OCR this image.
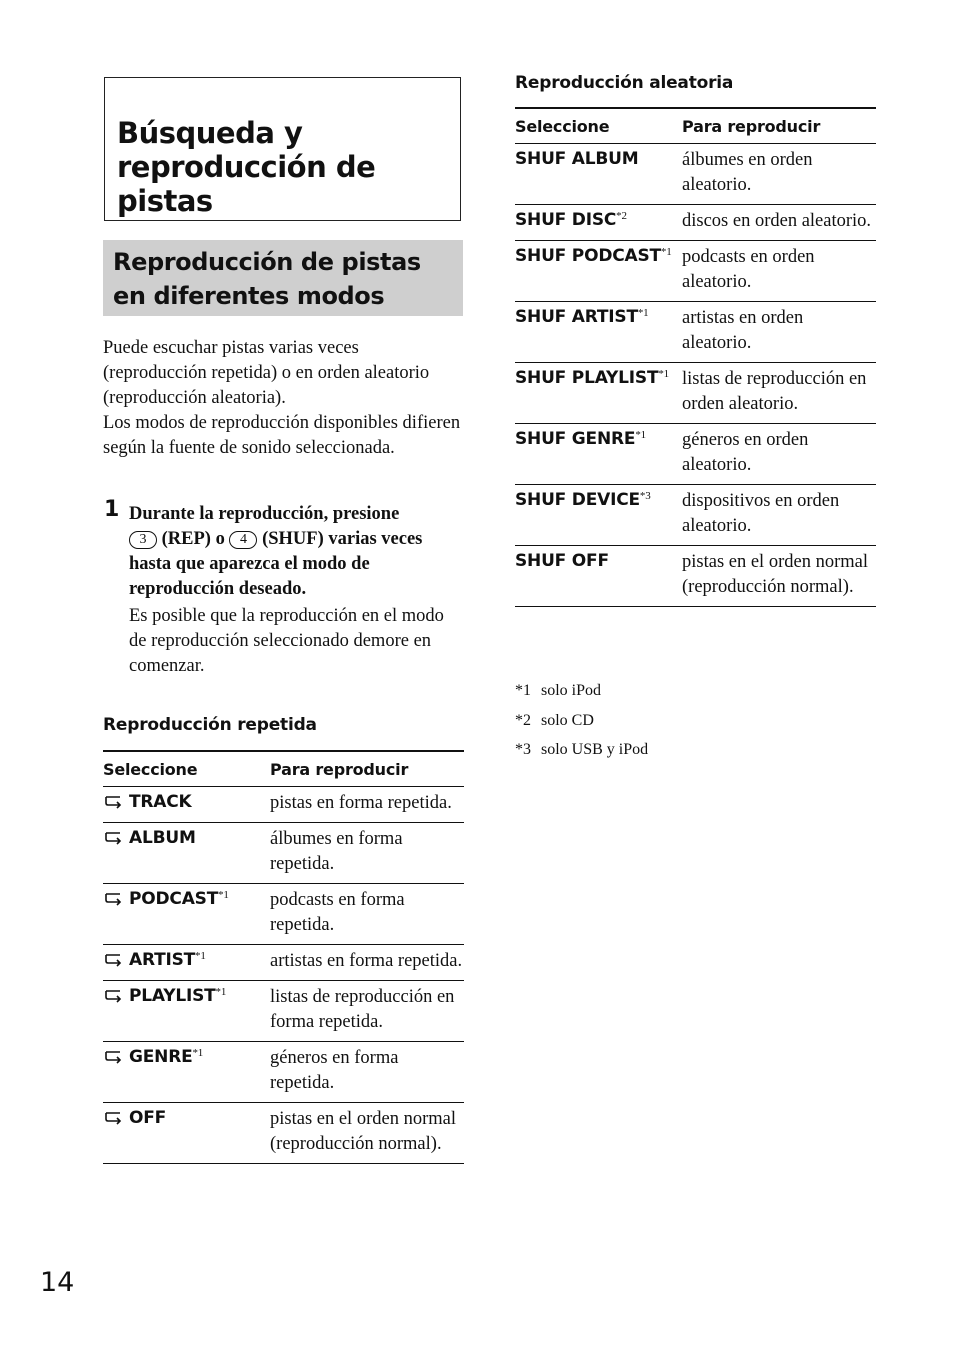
Búsqueda y reproducción de pistas
Reproducción de pistas en diferentes modos

Puede escuchar pistas varias veces (reproducción repetida) o en orden aleatorio (reproducción aleatoria).

Los modos de reproducción disponibles difieren según la fuente de sonido seleccionada.

1 Durante la reproducción, presione
3 (REP) o 4 (SHUF) varias veces hasta que aparezca el modo de reproducción deseado.
Es posible que la reproducción en el modo de reproducción seleccionado demore en comenzar.
Reproducción repetida
Seleccione	Para reproducir
TRACK	pistas en forma repetida.
ALBUM	álbumes en forma repetida.
PODCAST$^{*1}$	podcasts en forma repetida.
ARTIST$^{*1}$	artistas en forma repetida.
PLAYLIST$^{*1}$	listas de reproducción en forma repetida.
GENRE$^{*1}$	géneros en forma repetida.
OFF	pistas en el orden normal (reproducción normal).
Reproducción aleatoria
Seleccione	Para reproducir
SHUF ALBUM	álbumes en orden aleatorio.
SHUF DISC$^{*2}$	discos en orden aleatorio.
SHUF PODCAST$^{*1}$	podcasts en orden aleatorio.
SHUF ARTIST$^{*1}$	artistas en orden aleatorio.
SHUF PLAYLIST$^{*1}$	listas de reproducción en orden aleatorio.
SHUF GENRE$^{*1}$	géneros en orden aleatorio.
SHUF DEVICE$^{*3}$	dispositivos en orden aleatorio.
SHUF OFF	pistas en el orden normal (reproducción normal).
*1 solo iPod
*2 solo CD
*3 solo USB y iPod
14
